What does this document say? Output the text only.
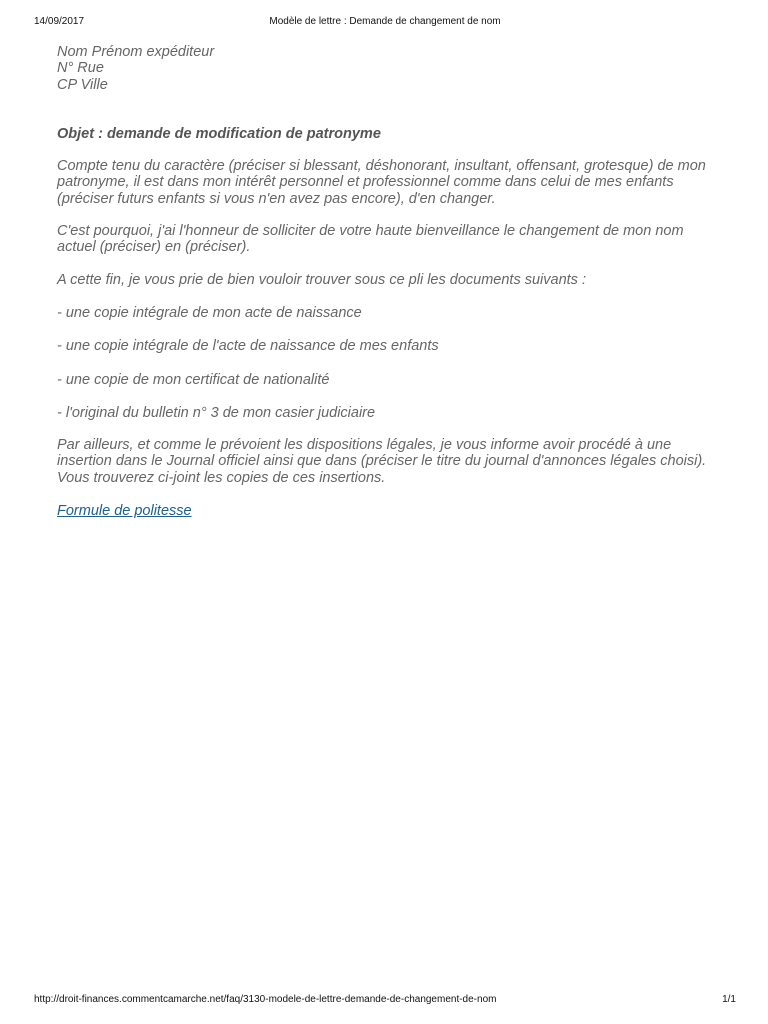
Modèle de lettre : Demande de changement de nom
14/09/2017

Nom Prénom expéditeur

N° Rue

CP Ville

Objet : demande de modification de patronyme

Compte tenu du caractère (préciser si blessant, déshonorant, insultant, offensant, grotesque) de mon patronyme, il est dans mon intérêt personnel et professionnel comme dans celui de mes enfants (préciser futurs enfants si vous n'en avez pas encore), d'en changer.

C'est pourquoi, j'ai l'honneur de solliciter de votre haute bienveillance le changement de mon nom actuel (préciser) en (préciser).

A cette fin, je vous prie de bien vouloir trouver sous ce pli les documents suivants :

- une copie intégrale de mon acte de naissance

- une copie intégrale de l'acte de naissance de mes enfants

- une copie de mon certificat de nationalité

- l'original du bulletin n° 3 de mon casier judiciaire

Par ailleurs, et comme le prévoient les dispositions légales, je vous informe avoir procédé à une insertion dans le Journal officiel ainsi que dans (préciser le titre du journal d'annonces légales choisi). Vous trouverez ci-joint les copies de ces insertions.

Formule de politesse

http://droit-finances.commentcamarche.net/faq/3130-modele-de-lettre-demande-de-changement-de-nom	1/1
